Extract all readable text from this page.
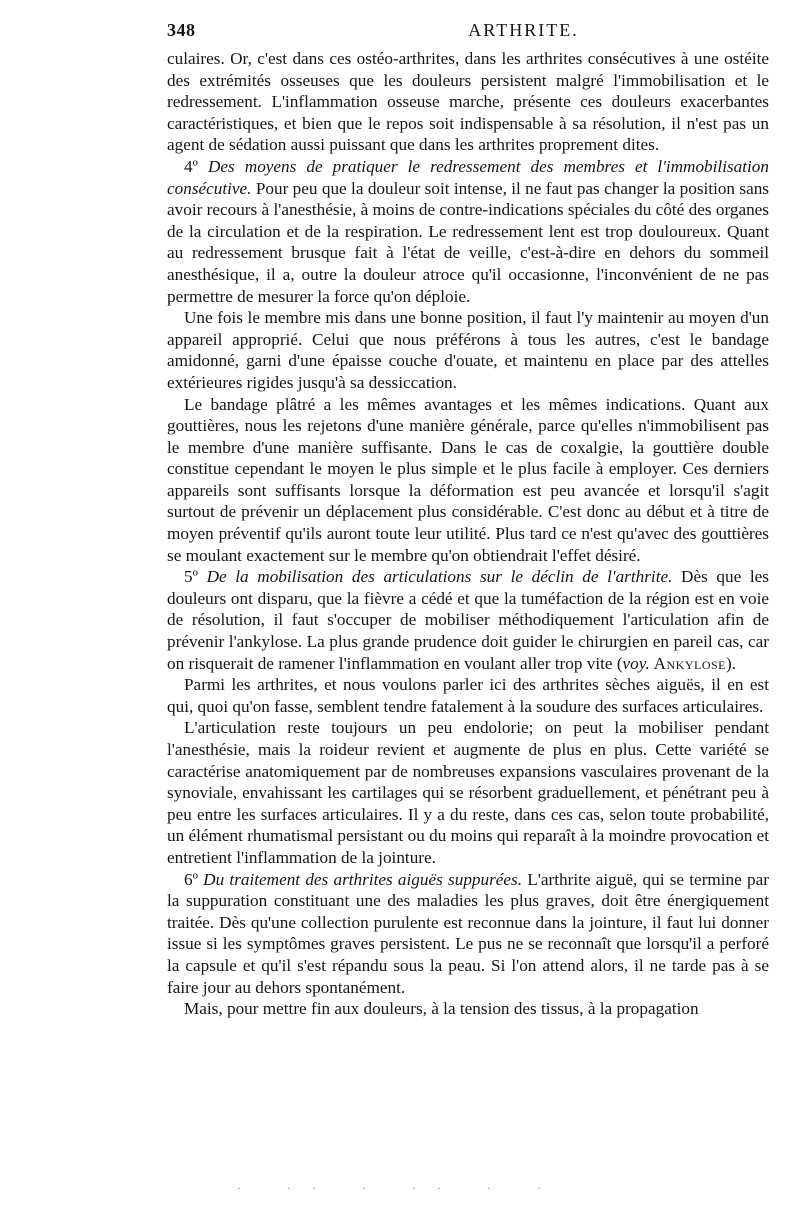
348	ARTHRITE.

culaires. Or, c'est dans ces ostéo-arthrites, dans les arthrites consécutives à une ostéite des extrémités osseuses que les douleurs persistent malgré l'immobilisation et le redressement. L'inflammation osseuse marche, présente ces douleurs exacerbantes caractéristiques, et bien que le repos soit indispensable à sa résolution, il n'est pas un agent de sédation aussi puissant que dans les arthrites proprement dites.

4º Des moyens de pratiquer le redressement des membres et l'immobilisation consécutive. Pour peu que la douleur soit intense, il ne faut pas changer la position sans avoir recours à l'anesthésie, à moins de contre-indications spéciales du côté des organes de la circulation et de la respiration. Le redressement lent est trop douloureux. Quant au redressement brusque fait à l'état de veille, c'est-à-dire en dehors du sommeil anesthésique, il a, outre la douleur atroce qu'il occasionne, l'inconvénient de ne pas permettre de mesurer la force qu'on déploie.

Une fois le membre mis dans une bonne position, il faut l'y maintenir au moyen d'un appareil approprié. Celui que nous préférons à tous les autres, c'est le bandage amidonné, garni d'une épaisse couche d'ouate, et maintenu en place par des attelles extérieures rigides jusqu'à sa dessiccation.

Le bandage plâtré a les mêmes avantages et les mêmes indications. Quant aux gouttières, nous les rejetons d'une manière générale, parce qu'elles n'immobilisent pas le membre d'une manière suffisante. Dans le cas de coxalgie, la gouttière double constitue cependant le moyen le plus simple et le plus facile à employer. Ces derniers appareils sont suffisants lorsque la déformation est peu avancée et lorsqu'il s'agit surtout de prévenir un déplacement plus considérable. C'est donc au début et à titre de moyen préventif qu'ils auront toute leur utilité. Plus tard ce n'est qu'avec des gouttières se moulant exactement sur le membre qu'on obtiendrait l'effet désiré.

5º De la mobilisation des articulations sur le déclin de l'arthrite. Dès que les douleurs ont disparu, que la fièvre a cédé et que la tuméfaction de la région est en voie de résolution, il faut s'occuper de mobiliser méthodiquement l'articulation afin de prévenir l'ankylose. La plus grande prudence doit guider le chirurgien en pareil cas, car on risquerait de ramener l'inflammation en voulant aller trop vite (voy. Ankylose).

Parmi les arthrites, et nous voulons parler ici des arthrites sèches aiguës, il en est qui, quoi qu'on fasse, semblent tendre fatalement à la soudure des surfaces articulaires.

L'articulation reste toujours un peu endolorie; on peut la mobiliser pendant l'anesthésie, mais la roideur revient et augmente de plus en plus. Cette variété se caractérise anatomiquement par de nombreuses expansions vasculaires provenant de la synoviale, envahissant les cartilages qui se résorbent graduellement, et pénétrant peu à peu entre les surfaces articulaires. Il y a du reste, dans ces cas, selon toute probabilité, un élément rhumatismal persistant ou du moins qui reparaît à la moindre provocation et entretient l'inflammation de la jointure.

6º Du traitement des arthrites aiguës suppurées. L'arthrite aiguë, qui se termine par la suppuration constituant une des maladies les plus graves, doit être énergiquement traitée. Dès qu'une collection purulente est reconnue dans la jointure, il faut lui donner issue si les symptômes graves persistent. Le pus ne se reconnaît que lorsqu'il a perforé la capsule et qu'il s'est répandu sous la peau. Si l'on attend alors, il ne tarde pas à se faire jour au dehors spontanément.

Mais, pour mettre fin aux douleurs, à la tension des tissus, à la propagation

. .. . .. . .
